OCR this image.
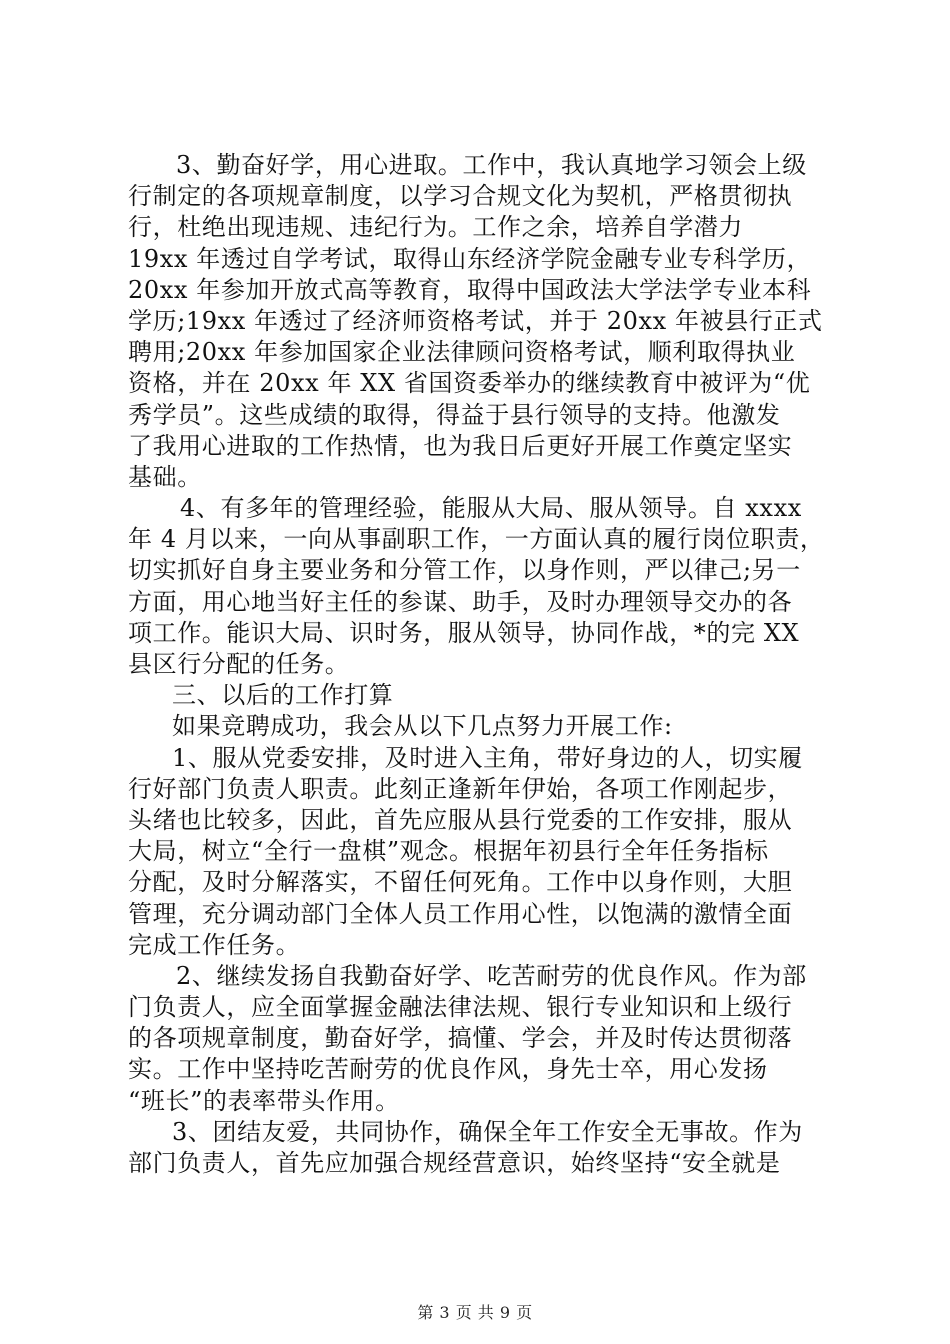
3、勤奋好学，用心进取。工作中，我认真地学习领会上级
行制定的各项规章制度，以学习合规文化为契机，严格贯彻执
行，杜绝出现违规、违纪行为。工作之余，培养自学潜力
19xx 年透过自学考试，取得山东经济学院金融专业专科学历，
20xx 年参加开放式高等教育，取得中国政法大学法学专业本科
学历;19xx 年透过了经济师资格考试，并于 20xx 年被县行正式
聘用;20xx 年参加国家企业法律顾问资格考试，顺利取得执业
资格，并在 20xx 年 XX 省国资委举办的继续教育中被评为“优
秀学员”。这些成绩的取得，得益于县行领导的支持。他激发
了我用心进取的工作热情，也为我日后更好开展工作奠定坚实
基础。
4、有多年的管理经验，能服从大局、服从领导。自 xxxx
年 4 月以来，一向从事副职工作，一方面认真的履行岗位职责，
切实抓好自身主要业务和分管工作，以身作则，严以律己;另一
方面，用心地当好主任的参谋、助手，及时办理领导交办的各
项工作。能识大局、识时务，服从领导，协同作战，*的完 XX
县区行分配的任务。
三、以后的工作打算
如果竞聘成功，我会从以下几点努力开展工作:
1、服从党委安排，及时进入主角，带好身边的人，切实履
行好部门负责人职责。此刻正逢新年伊始，各项工作刚起步，
头绪也比较多，因此，首先应服从县行党委的工作安排，服从
大局，树立“全行一盘棋”观念。根据年初县行全年任务指标
分配，及时分解落实，不留任何死角。工作中以身作则，大胆
管理，充分调动部门全体人员工作用心性，以饱满的激情全面
完成工作任务。
2、继续发扬自我勤奋好学、吃苦耐劳的优良作风。作为部
门负责人，应全面掌握金融法律法规、银行专业知识和上级行
的各项规章制度，勤奋好学，搞懂、学会，并及时传达贯彻落
实。工作中坚持吃苦耐劳的优良作风，身先士卒，用心发扬
“班长”的表率带头作用。
3、团结友爱，共同协作，确保全年工作安全无事故。作为
部门负责人，首先应加强合规经营意识，始终坚持“安全就是
第 3 页 共 9 页
